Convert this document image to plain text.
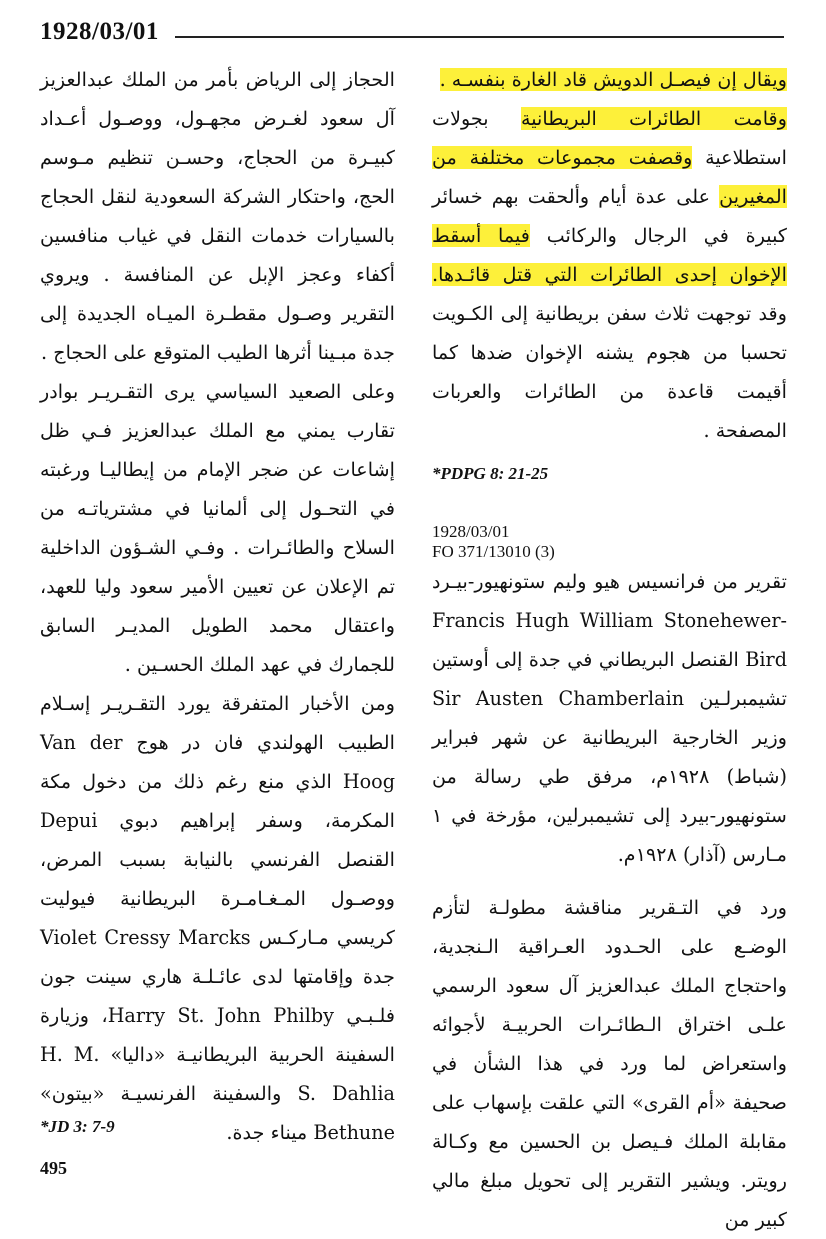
1928/03/01

ويقال إن فيصـل الدويش قاد الغارة بنفسـه .
وقامت الطائرات البريطانية بجولات استطلاعية وقصفت مجموعات مختلفة من المغيرين على عدة أيام وألحقت بهم خسائر كبيرة في الرجال والركائب فيما أسقط الإخوان إحدى الطائرات التي قتل قائـدها. وقد توجهت ثلاث سفن بريطانية إلى الكـويت تحسبا من هجوم يشنه الإخوان ضدها كما أقيمت قاعدة من الطائرات والعربات المصفحة .

*PDPG 8: 21-25

1928/03/01
FO 371/13010 (3)

تقرير من فرانسيس هيو وليم ستونهيور-بيـرد Francis Hugh William Stonehewer-Bird القنصل البريطاني في جدة إلى أوستين تشيمبرلـين Sir Austen Chamberlain وزير الخارجية البريطانية عن شهر فبراير (شباط) ١٩٢٨م، مرفق طي رسالة من ستونهيور-بيرد إلى تشيمبرلين، مؤرخة في ١ مـارس (آذار) ١٩٢٨م.

ورد في التـقرير مناقشة مطولـة لتأزم الوضـع على الحـدود العـراقية الـنجدية، واحتجاج الملك عبدالعزيز آل سعود الرسمي علـى اختراق الـطائـرات الحربيـة لأجوائه واستعراض لما ورد في هذا الشأن في صحيفة «أم القرى» التي علقت بإسهاب على مقابلة الملك فـيصل بن الحسين مع وكـالة رويتر. ويشير التقرير إلى تحويل مبلغ مالي كبير من

الحجاز إلى الرياض بأمر من الملك عبدالعزيز آل سعود لغـرض مجهـول، ووصـول أعـداد كبيـرة من الحجاج، وحسـن تنظيم مـوسم الحج، واحتكار الشركة السعودية لنقل الحجاج بالسيارات خدمات النقل في غياب منافسين أكفاء وعجز الإبل عن المنافسة . ويروي التقرير وصـول مقطـرة الميـاه الجديدة إلى جدة مبـينا أثرها الطيب المتوقع على الحجاج .

وعلى الصعيد السياسي يرى التقـريـر بوادر تقارب يمني مع الملك عبدالعزيز فـي ظل إشاعات عن ضجر الإمام من إيطاليـا ورغبته في التحـول إلى ألمانيا في مشترياتـه من السلاح والطائـرات . وفـي الشـؤون الداخلية تم الإعلان عن تعيين الأمير سعود وليا للعهد، واعتقال محمد الطويل المديـر السابق للجمارك في عهد الملك الحسـين .

ومن الأخبار المتفرقة يورد التقـريـر إسـلام الطبيب الهولندي فان در هوج Van der Hoog الذي منع رغم ذلك من دخول مكة المكرمة، وسفر إبراهيم دبوي Depui القنصل الفرنسي بالنيابة بسبب المرض، ووصـول المـغـامـرة البريطانية فيوليت كريسي مـاركـس Violet Cressy Marcks جدة وإقامتها لدى عائـلـة هاري سينت جون فلـبـي Harry St. John Philby، وزيارة السفينة الحربية البريطانيـة «داليا» H. M. S. Dahlia والسفينة الفرنسيـة «بيتون» Bethune ميناء جدة.

*JD 3: 7-9
495
